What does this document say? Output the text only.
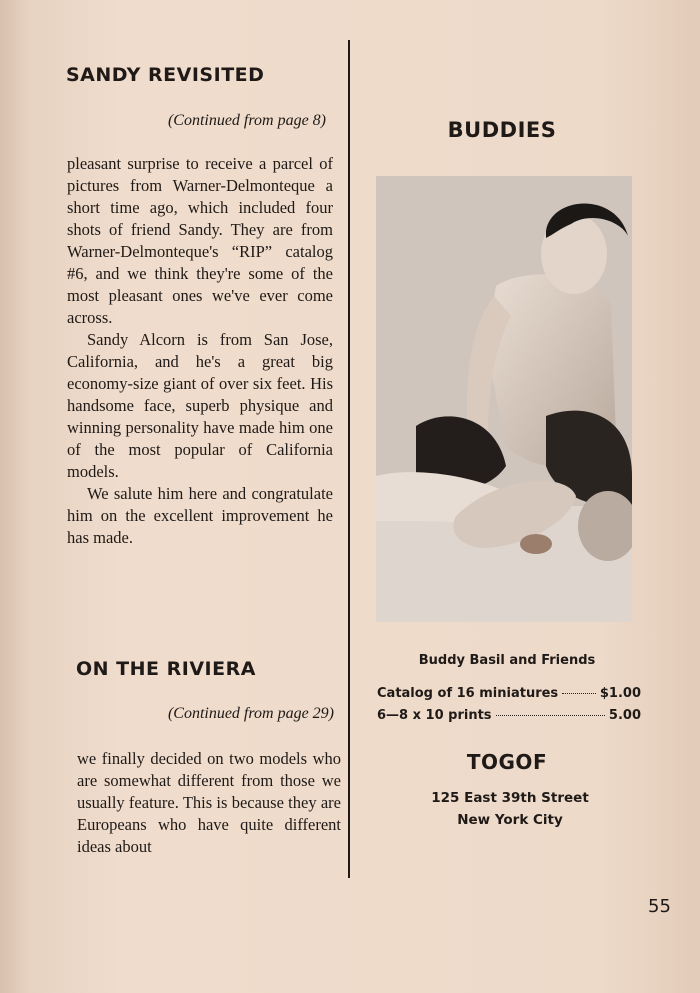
SANDY REVISITED

(Continued from page 8)

pleasant surprise to receive a parcel of pictures from Warner-Delmonteque a short time ago, which included four shots of friend Sandy. They are from Warner-Delmonteque's “RIP” catalog #6, and we think they're some of the most pleasant ones we've ever come across.

Sandy Alcorn is from San Jose, California, and he's a great big economy-size giant of over six feet. His handsome face, superb physique and winning personality have made him one of the most popular of California models.

We salute him here and congratulate him on the excellent improvement he has made.

ON THE RIVIERA

(Continued from page 29)

we finally decided on two models who are somewhat different from those we usually feature. This is because they are Europeans who have quite different ideas about

BUDDIES
Buddy Basil and Friends
Catalog of 16 miniatures	$1.00
6—8 x 10 prints	5.00
TOGOF
125 East 39th Street
New York City
55
